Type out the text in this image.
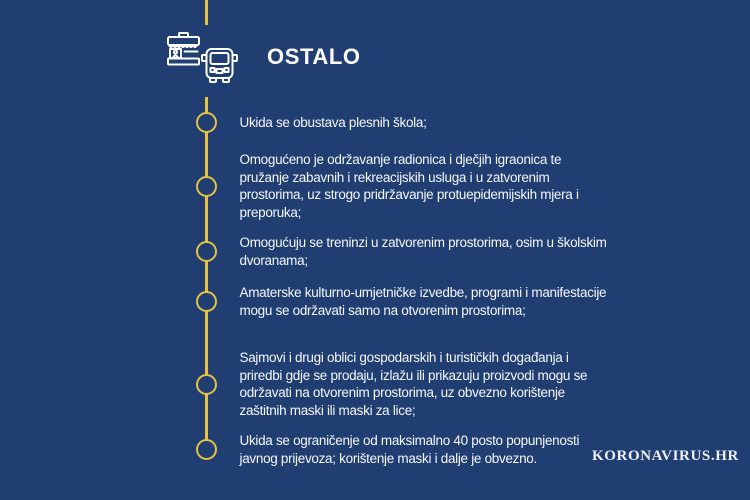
OSTALO
Ukida se obustava plesnih škola;
Omogućeno je održavanje radionica i dječjih igraonica te pružanje zabavnih i rekreacijskih usluga i u zatvorenim prostorima, uz strogo pridržavanje protuepidemijskih mjera i preporuka;
Omogućuju se treninzi u zatvorenim prostorima, osim u školskim dvoranama;
Amaterske kulturno-umjetničke izvedbe, programi i manifestacije mogu se održavati samo na otvorenim prostorima;
Sajmovi i drugi oblici gospodarskih i turističkih događanja i priredbi gdje se prodaju, izlažu ili prikazuju proizvodi mogu se održavati na otvorenim prostorima, uz obvezno korištenje zaštitnih maski ili maski za lice;
Ukida se ograničenje od maksimalno 40 posto popunjenosti javnog prijevoza; korištenje maski i dalje je obvezno.	KORONAVIRUS.HR
